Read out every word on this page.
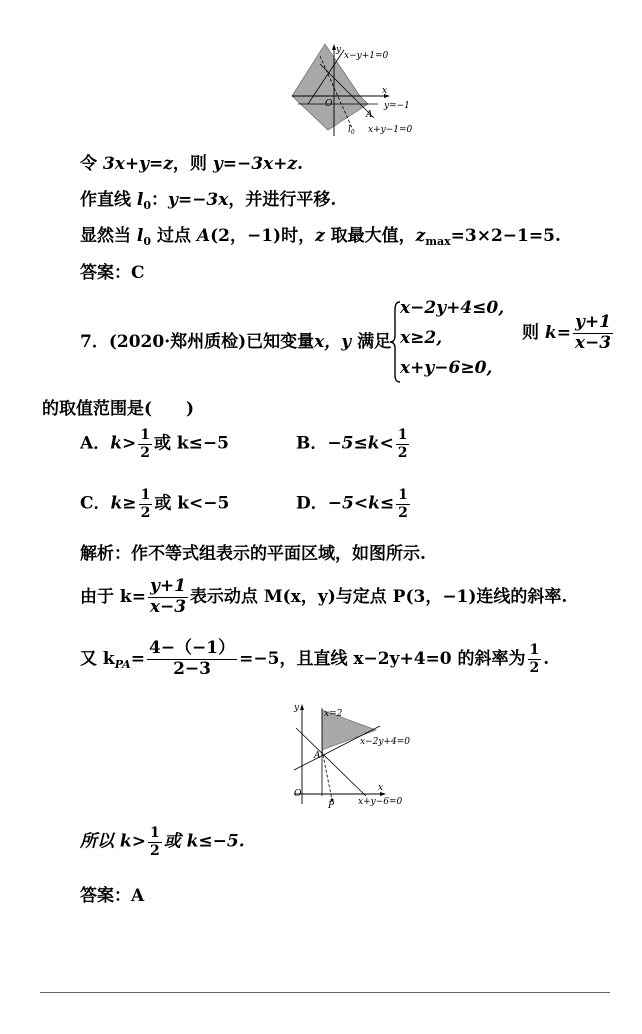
y
x−y+1=0
x
O	y=−1
A
$l_0$ x+y−1=0
令 3x+y=z，则 y=−3x+z.
作直线 $l_0$：y=−3x，并进行平移.
显然当 $l_0$ 过点 A(2，−1)时，z 取最大值，$z_{max}=3\times 2-1=5$.
答案：C
7．(2020·郑州质检)已知变量x，y 满足
x−2y+4≤0,
x≥2,
x+y−6≥0,
则 $k= \frac{y+1}{x-3}$
的取值范围是(　　)
A．$k> \frac{1}{2}$ 或 k≤−5	B．$-5\le k< \frac{1}{2}$
C．$k\ge \frac{1}{2}$ 或 k<−5	D．$-5<k\le \frac{1}{2}$
解析：作不等式组表示的平面区域，如图所示.
由于 $k= \frac{y+1}{x-3}$ 表示动点 M(x，y)与定点 P(3，−1)连线的斜率.
又 $k_{PA}= \frac{4-(-1)}{2-3} =-5$，且直线 x−2y+4=0 的斜率为 $\frac{1}{2}$ .
y
x=2
x−2y+4=0
A
O
x
P	x+y−6=0
所以 $k> \frac{1}{2}$ 或 k≤−5.
答案：A
